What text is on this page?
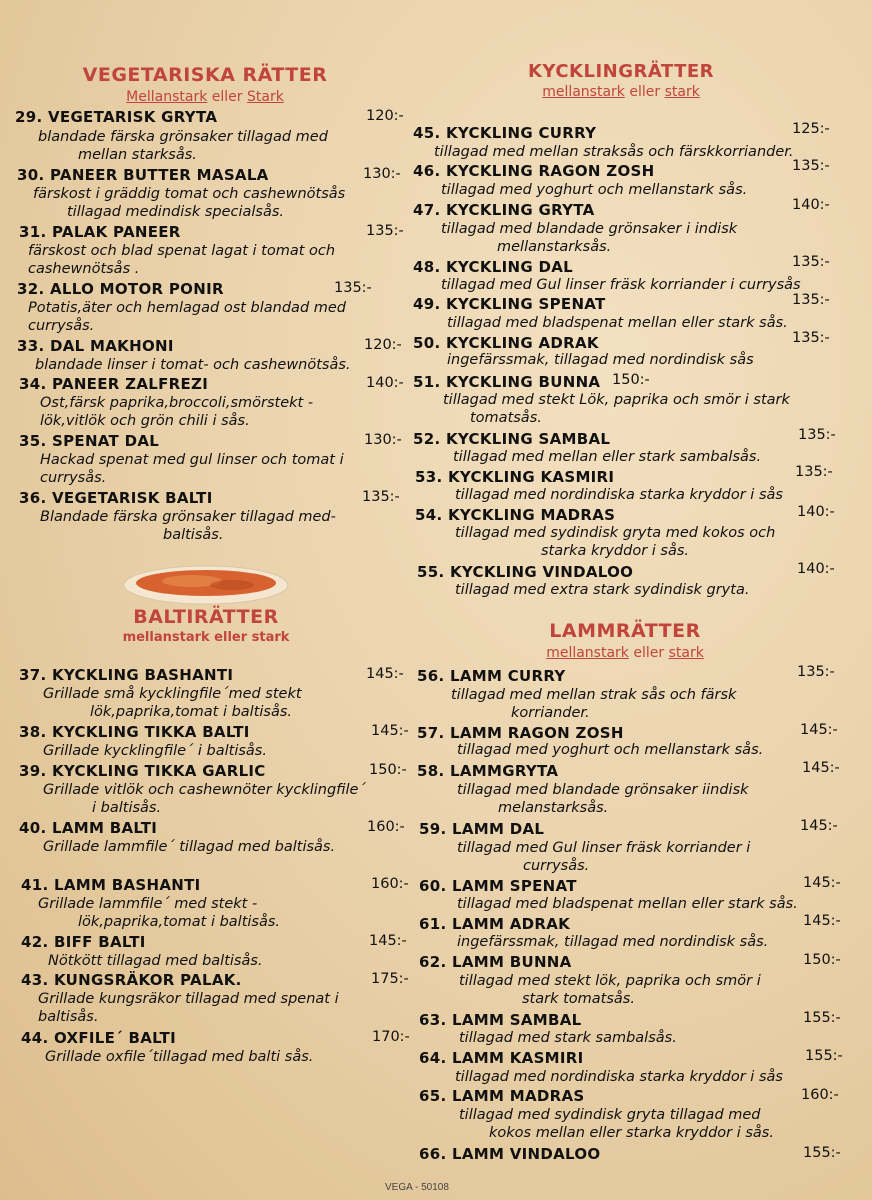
VEGETARISKA RÄTTER
Mellanstark eller Stark
KYCKLINGRÄTTER
mellanstark eller stark
BALTIRÄTTER
mellanstark eller stark	LAMMRÄTTER
mellanstark eller stark
29. VEGETARISK GRYTA	120:-
blandade färska grönsaker tillagad med
mellan starksås.
30. PANEER BUTTER MASALA	130:-
färskost i gräddig tomat och cashewnötsås
tillagad medindisk specialsås.
31. PALAK PANEER	135:-
färskost och blad spenat lagat i tomat och
cashewnötsås .
32. ALLO MOTOR PONIR	135:-
Potatis,äter och hemlagad ost blandad med
currysås.
33. DAL MAKHONI	120:-
blandade linser i tomat- och cashewnötsås.
34. PANEER ZALFREZI	140:-
Ost,färsk paprika,broccoli,smörstekt -
lök,vitlök och grön chili i sås.
35. SPENAT DAL	130:-
Hackad spenat med gul linser och tomat i
currysås.
36. VEGETARISK BALTI	135:-
Blandade färska grönsaker tillagad med-
baltisås.
37. KYCKLING BASHANTI	145:-
Grillade små kycklingfile´med stekt
lök,paprika,tomat i baltisås.
38. KYCKLING TIKKA BALTI	145:-
Grillade kycklingfile´ i baltisås.
39. KYCKLING TIKKA GARLIC	150:-
Grillade vitlök och cashewnöter kycklingfile´
i baltisås.
40. LAMM BALTI	160:-
Grillade lammfile´ tillagad med baltisås.
41. LAMM BASHANTI	160:-
Grillade lammfile´ med stekt -
lök,paprika,tomat i baltisås.
42. BIFF BALTI	145:-
Nötkött tillagad med baltisås.
43. KUNGSRÄKOR PALAK.	175:-
Grillade kungsräkor tillagad med spenat i
baltisås.
44. OXFILE´ BALTI	170:-
Grillade oxfile´tillagad med balti sås.
45. KYCKLING CURRY	125:-
tillagad med mellan straksås och färskkorriander.
46. KYCKLING RAGON ZOSH	135:-
tillagad med yoghurt och mellanstark sås.
47. KYCKLING GRYTA	140:-
tillagad med blandade grönsaker i indisk
mellanstarksås.
48. KYCKLING DAL	135:-
tillagad med Gul linser fräsk korriander i currysås
49. KYCKLING SPENAT	135:-
tillagad med bladspenat mellan eller stark sås.
50. KYCKLING ADRAK	135:-
ingefärssmak, tillagad med nordindisk sås
51. KYCKLING BUNNA 150:-
tillagad med stekt Lök, paprika och smör i stark
tomatsås.
52. KYCKLING SAMBAL	135:-
tillagad med mellan eller stark sambalsås.
53. KYCKLING KASMIRI	135:-
tillagad med nordindiska starka kryddor i sås
54. KYCKLING MADRAS	140:-
tillagad med sydindisk gryta med kokos och
starka kryddor i sås.
55. KYCKLING VINDALOO	140:-
tillagad med extra stark sydindisk gryta.
56. LAMM CURRY	135:-
tillagad med mellan strak sås och färsk
korriander.
57. LAMM RAGON ZOSH	145:-
tillagad med yoghurt och mellanstark sås.
58. LAMMGRYTA	145:-
tillagad med blandade grönsaker iindisk
melanstarksås.
59. LAMM DAL	145:-
tillagad med Gul linser fräsk korriander i
currysås.
60. LAMM SPENAT	145:-
tillagad med bladspenat mellan eller stark sås.
61. LAMM ADRAK	145:-
ingefärssmak, tillagad med nordindisk sås.
62. LAMM BUNNA	150:-
tillagad med stekt lök, paprika och smör i
stark tomatsås.
63. LAMM SAMBAL	155:-
tillagad med stark sambalsås.
64. LAMM KASMIRI	155:-
tillagad med nordindiska starka kryddor i sås
65. LAMM MADRAS	160:-
tillagad med sydindisk gryta tillagad med
kokos mellan eller starka kryddor i sås.
66. LAMM VINDALOO	155:-
VEGA - 50108
